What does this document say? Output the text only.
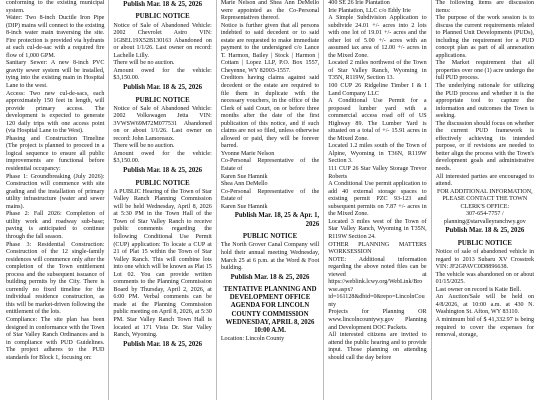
conforming to the existing municipal system.

Water: Two 8-inch Ductile Iron Pipe (DIP) mains will connect to the existing 8-inch water main traversing the site. Fire protection is provided via hydrants at each cul-de-sac with a required fire flow of 1,000 GPM.

Sanitary Sewer: A new 8-inch PVC gravity sewer system will be installed, tying into the existing main in Hospital Lane to the west.

Access: Two new cul-de-sacs, each approximately 150 feet in length, will provide primary access. The development is expected to generate 120 daily trips with one access point (via Hospital Lane to the West).

Phasing and Construction Timeline (The project is planned to proceed in a logical sequence to ensure all public improvements are functional before residential occupancy:

Phase 1: Groundbreaking (July 2026): Construction will commence with site grading and the installation of primary utility infrastructure (water and sewer mains).

Phase 2: Fall 2026: Completion of utility work and roadway sub-base; paving is anticipated to continue through the fall season.

Phase 3: Residential Construction: Construction of the 12 single-family residences will commence only after the completion of the Town entitlement process and the subsequent issuance of building permits by the City. There is currently no fixed timeline for the individual residence construction, as this will be market-driven following the entitlement of the lots.

Compliance: The site plan has been designed in conformance with the Town of Star Valley Ranch Ordinances and is in compliance with PUD Guidelines. The project adheres to the PUD standards for Block 1, focusing on:

Publish Mar. 18 & 25, 2026
PUBLIC NOTICE

Notice of Sale of Abandoned Vehicle: 2002 Chevrolet Astro VIN: 1GBEL19X52B130163 Abandoned on or about 1/1/26. Last owner on record: Lachelle Lilly.

There will be no auction.

Amount owed for the vehicle: $3,150.00.

Publish Mar. 18 & 25, 2026
PUBLIC NOTICE

Notice of Sale of Abandoned Vehicle: 2002 Volkswagen Jetta VIN: 3VWSW69M72M077531 Abandoned on or about 1/1/26. Last owner on record: John Lamoreaux.

There will be no auction.

Amount owed for the vehicle: $3,150.00.

Publish Mar. 18 & 25, 2026
PUBLIC NOTICE

A PUBLIC Hearing of the Town of Star Valley Ranch Planning Commission will be held Wednesday, April 8, 2026 at 5:30 PM in the Town Hall of the Town of Star Valley Ranch to receive public comments regarding the following Conditional Use Permit (CUP) application: To locate a CUP at 21 of Plat 15 within the Town of Star Valley Ranch. This will combine lots into one which will be known as Plat 15 Lot 02. You can provide written comments to the Planning Commission Board by Thursday, April 2, 2026, at 6:00 PM. Verbal comments can be made at the Planning Commission public meeting on April 8, 2026, at 5:30 PM. Star Valley Ranch Town Hall is located at 171 Vista Dr. Star Valley Ranch, Wyoming.

Publish Mar. 18 & 25, 2026

Marie Nelson and Shea Ann DeMello were appointed as the Co-Personal Representatives thereof.

Notice is further given that all persons indebted to said decedent or to said estate are requested to make immediate payment to the undersigned c/o Lance T. Harmon, Bailey | Stock | Harmon | Cottam | Lopez LLP, P.O. Box 1557, Cheyenne, WY 82003-1557.

Creditors having claims against said decedent or the estate are required to file them in duplicate with the necessary vouchers, in the office of the Clerk of said Court, on or before three months after the date of the first publication of this notice, and if such claims are not so filed, unless otherwise allowed or paid, they will be forever barred.

Yvonne Marie Nelson

Co-Personal Representative of the Estate of

Karen Sue Hamnik

Shea Ann DeMello

Co-Personal Representative of the Estate of

Karen Sue Hamnik

Publish Mar. 18, 25 & Apr. 1, 2026
PUBLIC NOTICE

The North Grover Canal Company will hold their annual meeting Wednesday, March 25 at 6 p.m. at the Word & Foot building.

Publish Mar. 18 & 25, 2026
TENTATIVE PLANNING AND DEVELOPMENT OFFICE AGENDA FOR LINCOLN COUNTY COMMISSION WEDNESDAY, APRIL 8, 2026 10:00 A.M.

Location: Lincoln County

400 SE 26 Irie Plantation

Irie Plantation, LLC c/o Eddy Irie

A Simple Subdivision Application to subdivide 24.01 +/- acres into 2 lots with one lot of 19.01 +/- acres and the other lot of 5.00 +/- acres with an assumed tax area of 12.00 +/- acres in the Mixed Zone.

Located 2 miles northwest of the Town of Star Valley Ranch, Wyoming in T35N, R119W, Section 13.

100 CUP 26 Ridgeline Timber I & I Land Company LLC

A Conditional Use Permit for a proposed lumber yard with a commercial access road off of US Highway 89. The Lumber Yard is situated on a total of +/- 15.91 acres in the Mixed Zone.

Located 1.2 miles south of the Town of Alpine, Wyoming in T36N, R119W Section 3.

111 CUP 26 Star Valley Storage Trevor Roberts

A Conditional Use permit application to add 40 external storage spaces to existing permit PZC 93-123 and subsequent permits on 7.87 +/- acres in the Mixed Zone.

Located 3 miles west of the Town of Star Valley Ranch, Wyoming in T35N, R119W Section 24.

OTHER PLANNING MATTERS WORKSESSION

NOTE: Additional information regarding the above noted files can be viewed at https://weblink.lcwy.org/WebLink/Browse.aspx?id=161128&dbid=0&repo=LincolnCounty

Projects for Planning OR www.lincolncountywy.gov Planning and Development DOC Packets.

All interested citizens are invited to attend the public hearing and to provide input. Those planning on attending should call the day before

The following items are discussion items:

The purpose of the work session is to discuss the current requirements related to Planned Unit Developments (PUDs), including the requirement for a PUD concept plan as part of all annexation applications.

The Market requirement that all properties over one (1) acre undergo the full PUD process.

The underlying rationale for utilizing the PUD process and whether it is the appropriate tool to capture the information and outcomes the Town is seeking.

The discussion should focus on whether the current PUD framework is effectively achieving its intended purpose, or if revisions are needed to better align the process with the Town's development goals and administrative needs.

All interested parties are encouraged to attend.

FOR ADDITIONAL INFORMATION, PLEASE CONTACT THE TOWN CLERK'S OFFICE:

307-654-7757 / planning@starvalleyranchwy.gov

Publish Mar. 18 & 25, 2026
PUBLIC NOTICE

Notice of sale of abandoned vehicle in regard to 2013 Subaru XV Crosstrek VIN: JF2GPAVC0D8896638.

The vehicle was abandoned on or about 01/15/2025.

Last owner on record is Katie Bell.

An Auction/Sale will be held on 4/8/2026, at 10:00 a.m. at 430 N. Washington St. Afton, WY 83110.

A minimum bid of $ 41,332.97 is being required to cover the expenses for removal, storage,
